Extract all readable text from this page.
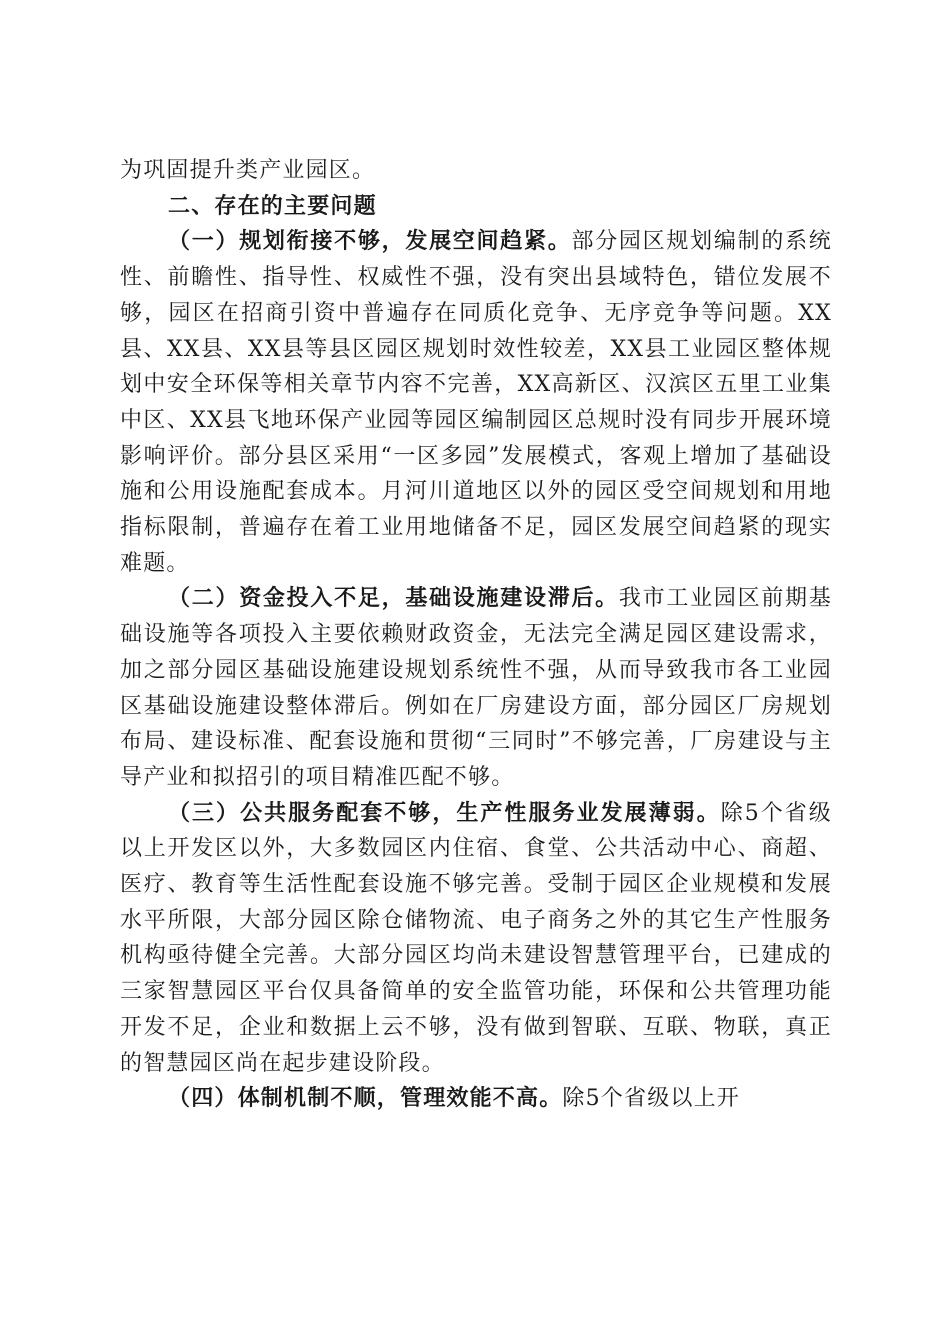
为巩固提升类产业园区。

二、存在的主要问题

（一）规划衔接不够，发展空间趋紧。部分园区规划编制的系统性、前瞻性、指导性、权威性不强，没有突出县域特色，错位发展不够，园区在招商引资中普遍存在同质化竞争、无序竞争等问题。XX县、XX县、XX县等县区园区规划时效性较差，XX县工业园区整体规划中安全环保等相关章节内容不完善，XX高新区、汉滨区五里工业集中区、XX县飞地环保产业园等园区编制园区总规时没有同步开展环境影响评价。部分县区采用“一区多园”发展模式，客观上增加了基础设施和公用设施配套成本。月河川道地区以外的园区受空间规划和用地指标限制，普遍存在着工业用地储备不足，园区发展空间趋紧的现实难题。

（二）资金投入不足，基础设施建设滞后。我市工业园区前期基础设施等各项投入主要依赖财政资金，无法完全满足园区建设需求，加之部分园区基础设施建设规划系统性不强，从而导致我市各工业园区基础设施建设整体滞后。例如在厂房建设方面，部分园区厂房规划布局、建设标准、配套设施和贯彻“三同时”不够完善，厂房建设与主导产业和拟招引的项目精准匹配不够。

（三）公共服务配套不够，生产性服务业发展薄弱。除5个省级以上开发区以外，大多数园区内住宿、食堂、公共活动中心、商超、医疗、教育等生活性配套设施不够完善。受制于园区企业规模和发展水平所限，大部分园区除仓储物流、电子商务之外的其它生产性服务机构亟待健全完善。大部分园区均尚未建设智慧管理平台，已建成的三家智慧园区平台仅具备简单的安全监管功能，环保和公共管理功能开发不足，企业和数据上云不够，没有做到智联、互联、物联，真正的智慧园区尚在起步建设阶段。

（四）体制机制不顺，管理效能不高。除5个省级以上开
